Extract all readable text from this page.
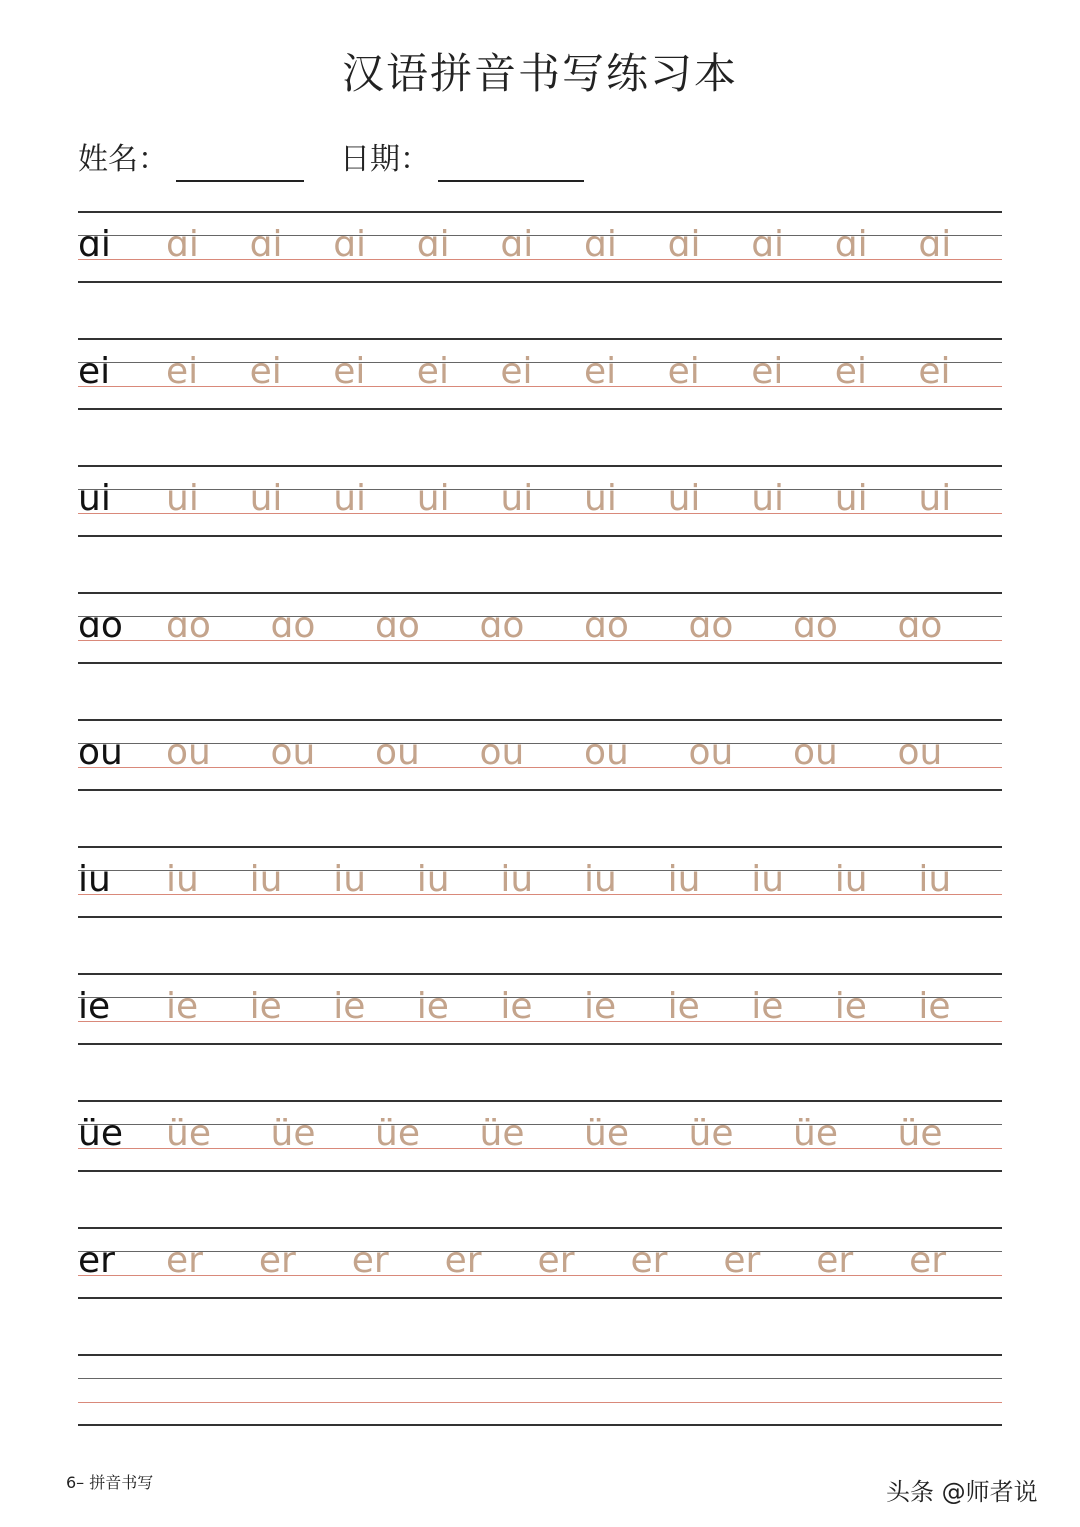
汉语拼音书写练习本
姓名：	日期：
ɑi ɑi ɑi ɑi ɑi ɑi ɑi ɑi ɑi ɑi ɑi
ei ei ei ei ei ei ei ei ei ei ei
ui ui ui ui ui ui ui ui ui ui ui
ɑo ɑo ɑo ɑo ɑo ɑo ɑo ɑo ɑo
ou ou ou ou ou ou ou ou ou
iu iu iu iu iu iu iu iu iu iu iu
ie ie ie ie ie ie ie ie ie ie ie
üe üe üe üe üe üe üe üe üe
er er er er er er er er er er
6– 拼音书写	头条 @师者说
